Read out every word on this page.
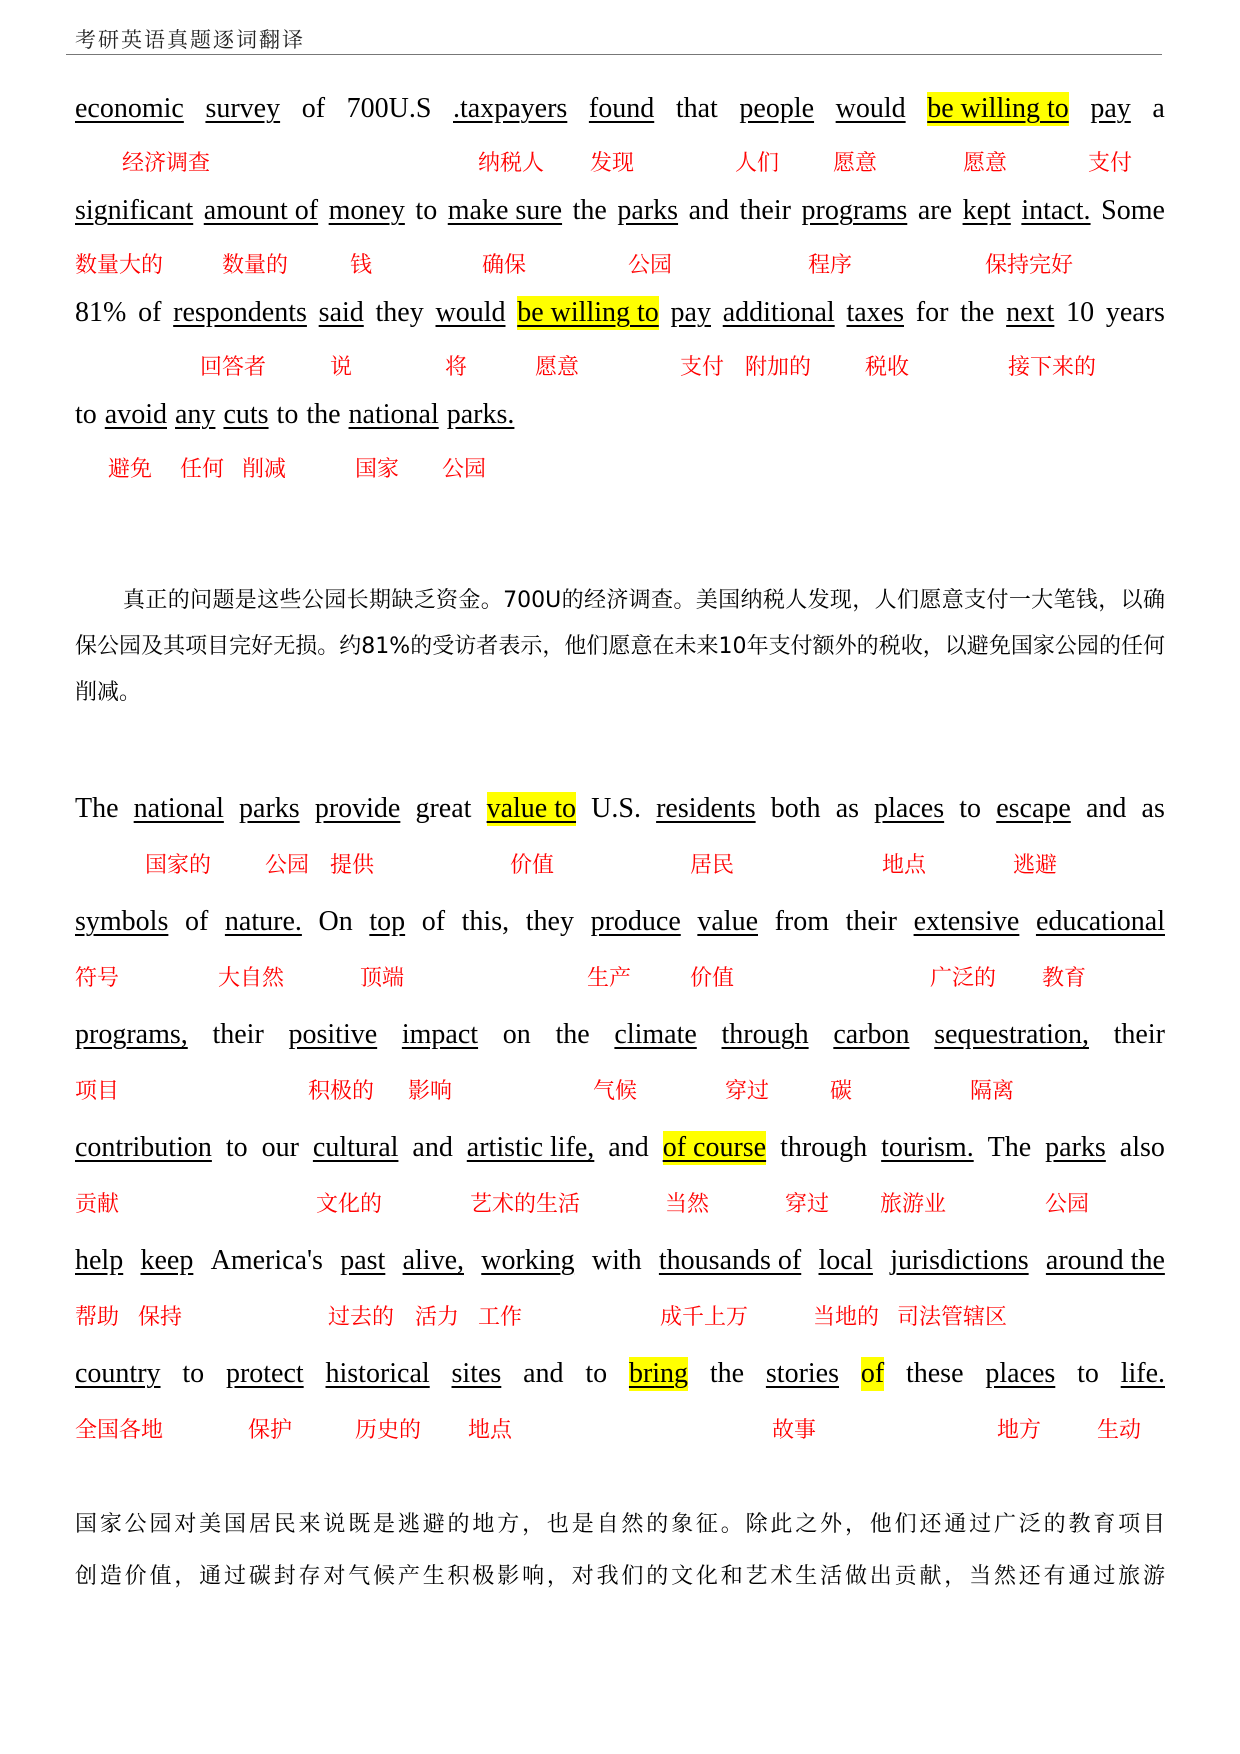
考研英语真题逐词翻译
economic survey of 700U.S .taxpayers found that people would be willing to pay a
经济调查	纳税人 发现	人们 愿意	愿意	支付
significant amount of money to make sure the parks and their programs are kept intact. Some
数量大的	数量的	钱	确保	公园	程序	保持完好
81% of respondents said they would be willing to pay additional taxes for the next 10 years
回答者	说	将	愿意	支付 附加的 税收	接下来的
to avoid any cuts to the national parks.
避免 任何 削减	国家 公园
真正的问题是这些公园长期缺乏资金。700U的经济调查。美国纳税人发现，人们愿意支付一大笔钱，以确保公园及其项目完好无损。约81%的受访者表示，他们愿意在未来10年支付额外的税收，以避免国家公园的任何削减。
The national parks provide great value to U.S. residents both as places to escape and as
国家的 公园 提供	价值	居民	地点	逃避
symbols of nature. On top of this, they produce value from their extensive educational
符号	大自然	顶端	生产	价值	广泛的 教育
programs, their positive impact on the climate through carbon sequestration, their
项目	积极的 影响	气候	穿过	碳	隔离
contribution to our cultural and artistic life, and of course through tourism. The parks also
贡献	文化的	艺术的生活	当然	穿过 旅游业	公园
help keep America's past alive, working with thousands of local jurisdictions around the
帮助 保持	过去的 活力 工作	成千上万	当地的 司法管辖区
country to protect historical sites and to bring the stories of these places to life.
全国各地	保护	历史的 地点	故事	地方	生动
国家公园对美国居民来说既是逃避的地方，也是自然的象征。除此之外，他们还通过广泛的教育项目
创造价值，通过碳封存对气候产生积极影响，对我们的文化和艺术生活做出贡献，当然还有通过旅游
